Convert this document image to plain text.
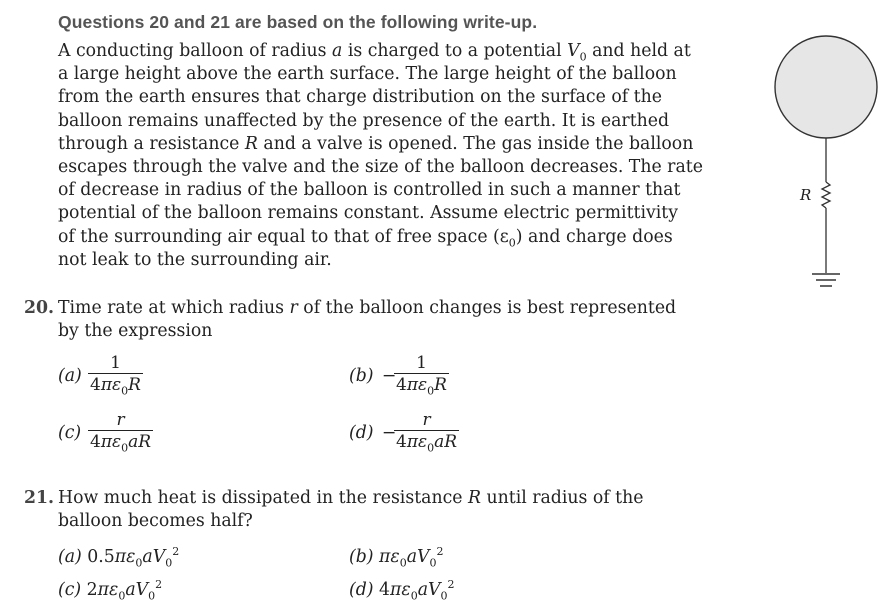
Questions 20 and 21 are based on the following write-up.
A conducting balloon of radius a is charged to a potential $V_0$ and held at
a large height above the earth surface. The large height of the balloon
from the earth ensures that charge distribution on the surface of the
balloon remains unaffected by the presence of the earth. It is earthed
through a resistance R and a valve is opened. The gas inside the balloon
escapes through the valve and the size of the balloon decreases. The rate
of decrease in radius of the balloon is controlled in such a manner that
potential of the balloon remains constant. Assume electric permittivity
of the surrounding air equal to that of free space $(\varepsilon_0)$ and charge does
not leak to the surrounding air.
20. Time rate at which radius r of the balloon changes is best represented
by the expression
(a)
1
$4\pi\varepsilon_0R$	(b) −
1
$4\pi\varepsilon_0R$
(c)
r
$4\pi\varepsilon_0aR$	(d) −
r
$4\pi\varepsilon_0aR$
21. How much heat is dissipated in the resistance R until radius of the
balloon becomes half?
(a) $0.5\pi\varepsilon_0aV_0^2$	(b) $\pi\varepsilon_0aV_0^2$
(c) $2\pi\varepsilon_0aV_0^2$	(d) $4\pi\varepsilon_0aV_0^2$
R
